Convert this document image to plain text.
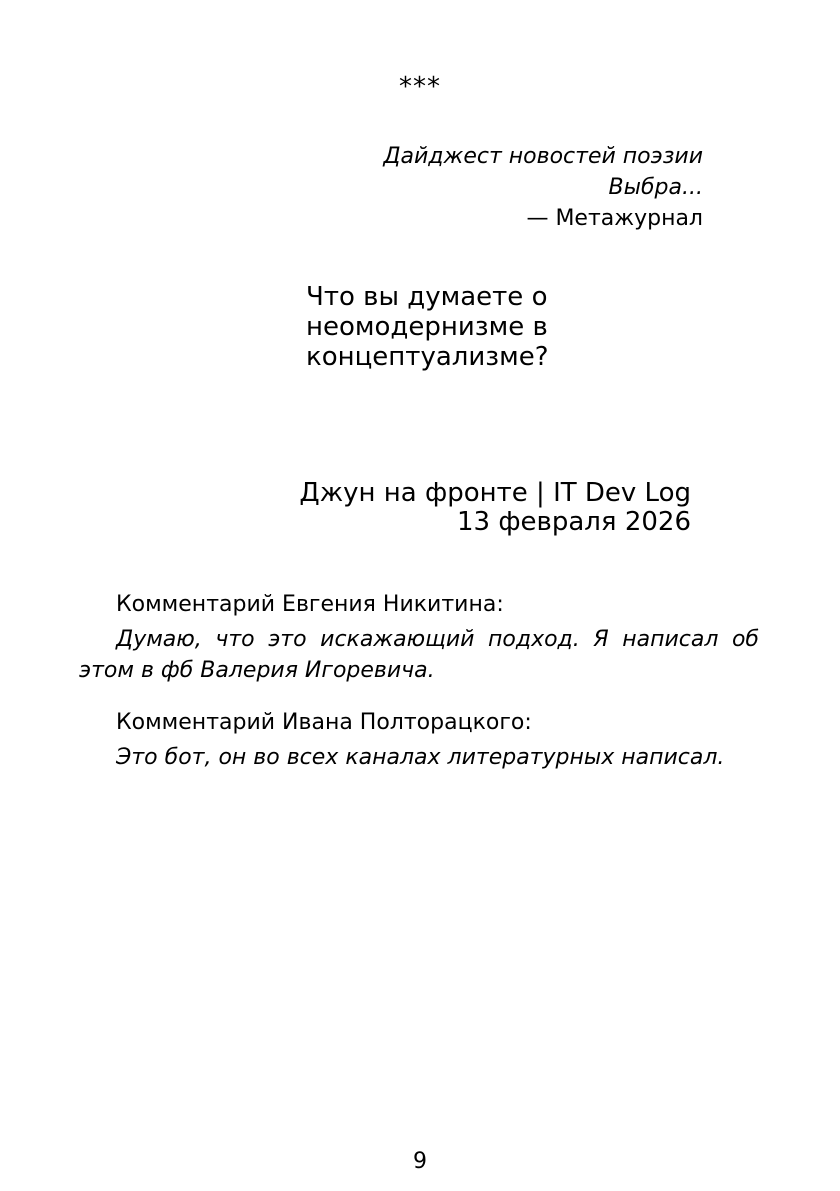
***

Дайджест новостей поэзии
Выбра...
— Метажурнал

Что вы думаете о неомодернизме в концептуализме?

Джун на фронте | IT Dev Log
13 февраля 2026

Комментарий Евгения Никитина:

Думаю, что это искажающий подход. Я написал об этом в фб Валерия Игоревича.

Комментарий Ивана Полторацкого:

Это бот, он во всех каналах литературных написал.

9
